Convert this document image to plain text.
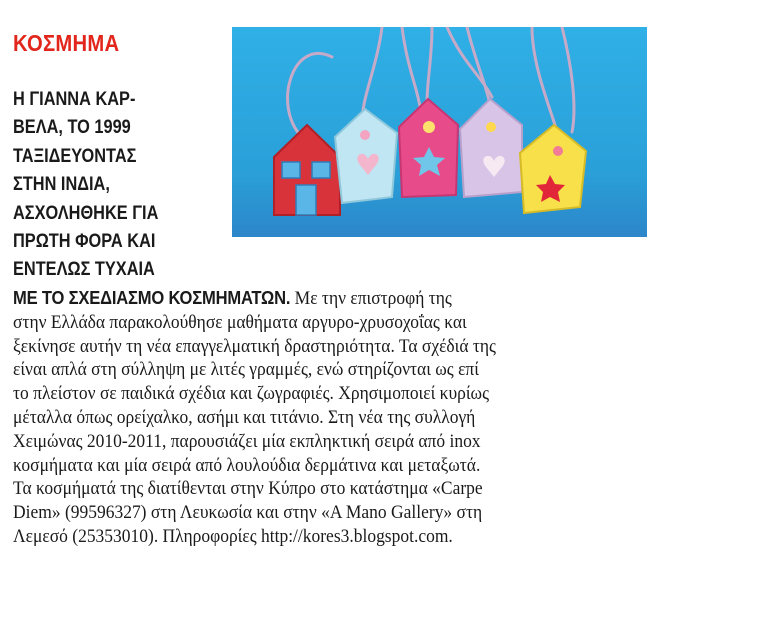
ΚΟΣΜΗΜΑ
Η ΓΙΑΝΝΑ ΚΑΡ-
ΒΕΛΑ, ΤΟ 1999
ΤΑΞΙΔΕΥΟΝΤΑΣ
ΣΤΗΝ ΙΝΔΙΑ,
ΑΣΧΟΛΗΘΗΚΕ ΓΙΑ
ΠΡΩΤΗ ΦΟΡΑ ΚΑΙ
ΕΝΤΕΛΩΣ ΤΥΧΑΙΑ
ΜΕ ΤΟ ΣΧΕΔΙΑΣΜΟ ΚΟΣΜΗΜΑΤΩΝ. Με την επιστροφή της
στην Ελλάδα παρακολούθησε μαθήματα αργυρο-χρυσοχοΐας και
ξεκίνησε αυτήν τη νέα επαγγελματική δραστηριότητα. Τα σχέδιά της
είναι απλά στη σύλληψη με λιτές γραμμές, ενώ στηρίζονται ως επί
το πλείστον σε παιδικά σχέδια και ζωγραφιές. Χρησιμοποιεί κυρίως
μέταλλα όπως ορείχαλκο, ασήμι και τιτάνιο. Στη νέα της συλλογή
Χειμώνας 2010-2011, παρουσιάζει μία εκπληκτική σειρά από inox
κοσμήματα και μία σειρά από λουλούδια δερμάτινα και μεταξωτά.
Τα κοσμήματά της διατίθενται στην Κύπρο στο κατάστημα «Carpe
Diem» (99596327) στη Λευκωσία και στην «A Mano Gallery» στη
Λεμεσό (25353010). Πληροφορίες http://kores3.blogspot.com.
